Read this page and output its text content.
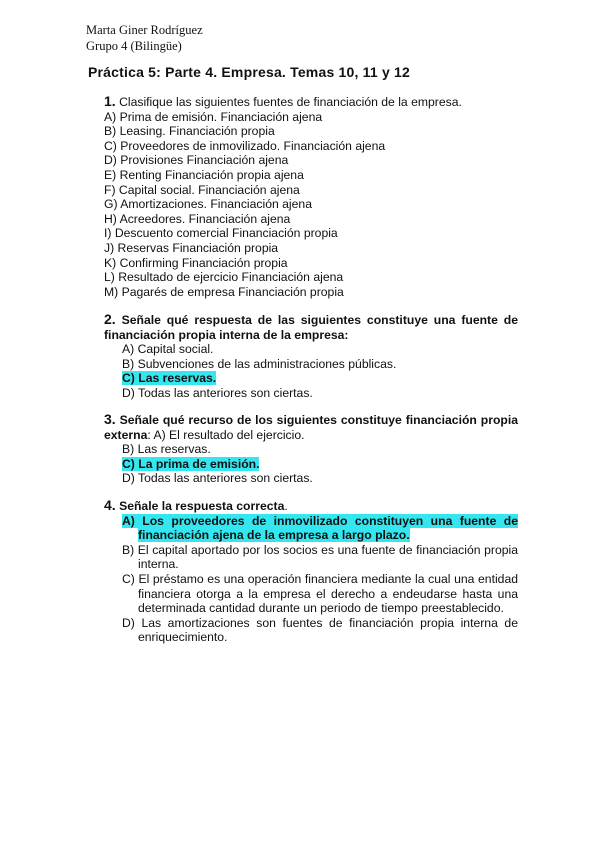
Marta Giner Rodríguez
Grupo 4 (Bilingüe)
Práctica 5: Parte 4. Empresa. Temas 10, 11 y 12
1. Clasifique las siguientes fuentes de financiación de la empresa.
A) Prima de emisión. Financiación ajena
B) Leasing. Financiación propia
C) Proveedores de inmovilizado. Financiación ajena
D) Provisiones Financiación ajena
E) Renting Financiación propia ajena
F) Capital social. Financiación ajena
G) Amortizaciones. Financiación ajena
H) Acreedores. Financiación ajena
I) Descuento comercial Financiación propia
J) Reservas Financiación propia
K) Confirming Financiación propia
L) Resultado de ejercicio Financiación ajena
M) Pagarés de empresa Financiación propia
2. Señale qué respuesta de las siguientes constituye una fuente de financiación propia interna de la empresa:
A) Capital social.
B) Subvenciones de las administraciones públicas.
C) Las reservas.
D) Todas las anteriores son ciertas.
3. Señale qué recurso de los siguientes constituye financiación propia externa: A) El resultado del ejercicio.
B) Las reservas.
C) La prima de emisión.
D) Todas las anteriores son ciertas.
4. Señale la respuesta correcta.
A) Los proveedores de inmovilizado constituyen una fuente de financiación ajena de la empresa a largo plazo.
B) El capital aportado por los socios es una fuente de financiación propia interna.
C) El préstamo es una operación financiera mediante la cual una entidad financiera otorga a la empresa el derecho a endeudarse hasta una determinada cantidad durante un periodo de tiempo preestablecido.
D) Las amortizaciones son fuentes de financiación propia interna de enriquecimiento.
